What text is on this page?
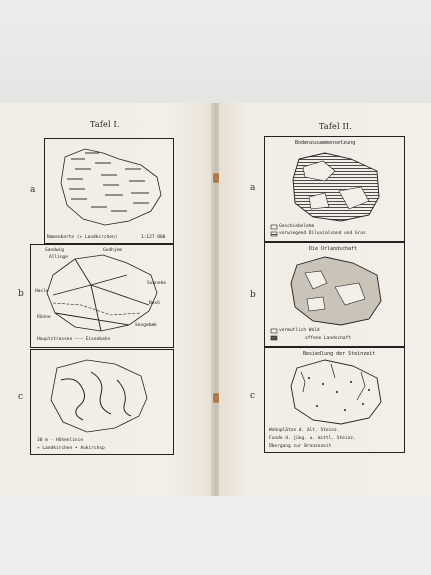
Tafel I.
a
Namenkarte (+ Landkirchen)	1:127 000
b
Sandwig
Allinge
Gudhjem
Hasle
Svaneke
Nexö
Rönne
Snogebæk
Hauptstrassen —·— Eisenbahn
c
30 m - Höhenlinie
+ Landkirchen • Aukirchsp
Tafel II.
a
Bodenzusammensetzung
Geschiebelehm
vorwiegend Diluvialsand und Grus
b
Die Urlandschaft
vermutlich Wald
offene Landschaft
c
Besiedlung der Steinzeit
Wohnplätze d. ält. Steinz.
Funde d. jüng. u. mittl. Steinz.
Übergang zur Bronzezeit
